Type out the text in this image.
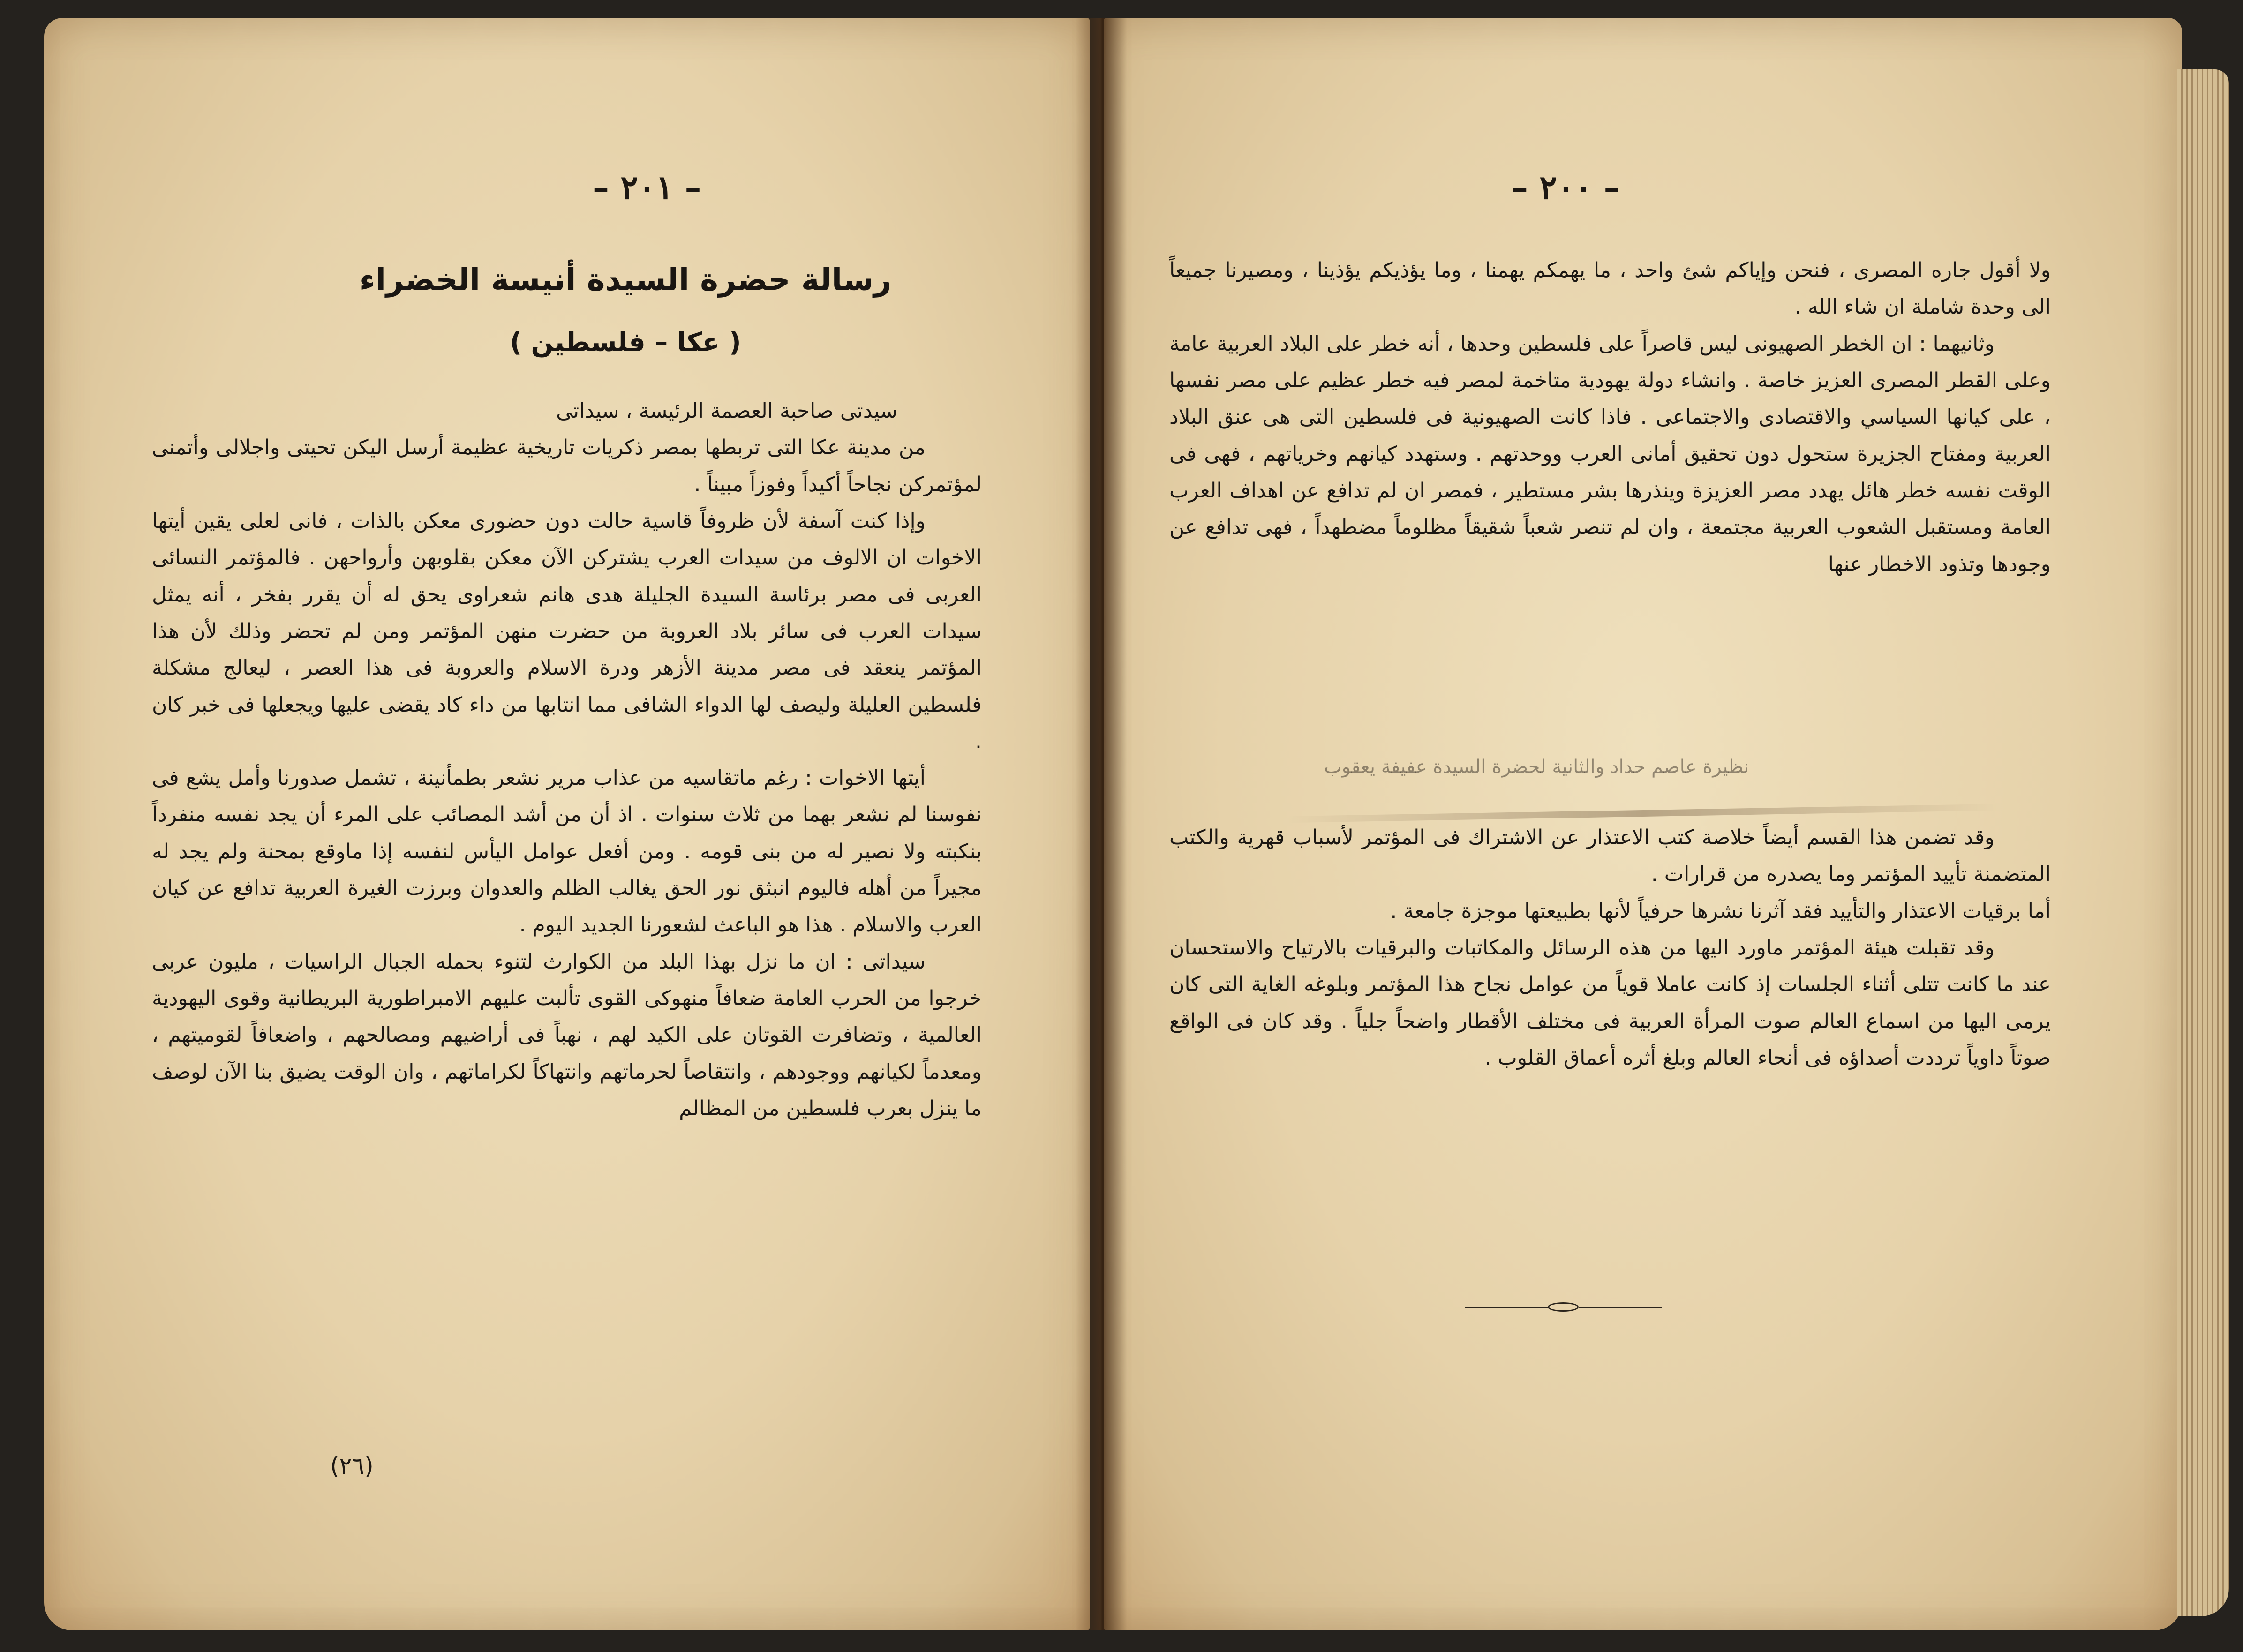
– ٢٠١ –
رسالة حضرة السيدة أنيسة الخضراء
( عكا – فلسطين )

سيدتى صاحبة العصمة الرئيسة ، سيداتى

من مدينة عكا التى تربطها بمصر ذكريات تاريخية عظيمة أرسل اليكن تحيتى واجلالى وأتمنى لمؤتمركن نجاحاً أكيداً وفوزاً مبيناً .

وإذا كنت آسفة لأن ظروفاً قاسية حالت دون حضورى معكن بالذات ، فانى لعلى يقين أيتها الاخوات ان الالوف من سيدات العرب يشتركن الآن معكن بقلوبهن وأرواحهن . فالمؤتمر النسائى العربى فى مصر برئاسة السيدة الجليلة هدى هانم شعراوى يحق له أن يقرر بفخر ، أنه يمثل سيدات العرب فى سائر بلاد العروبة من حضرت منهن المؤتمر ومن لم تحضر وذلك لأن هذا المؤتمر ينعقد فى مصر مدينة الأزهر ودرة الاسلام والعروبة فى هذا العصر ، ليعالج مشكلة فلسطين العليلة وليصف لها الدواء الشافى مما انتابها من داء كاد يقضى عليها ويجعلها فى خبر كان .

أيتها الاخوات : رغم ماتقاسيه من عذاب مرير نشعر بطمأنينة ، تشمل صدورنا وأمل يشع فى نفوسنا لم نشعر بهما من ثلاث سنوات . اذ أن من أشد المصائب على المرء أن يجد نفسه منفرداً بنكبته ولا نصير له من بنى قومه . ومن أفعل عوامل اليأس لنفسه إذا ماوقع بمحنة ولم يجد له مجيراً من أهله فاليوم انبثق نور الحق يغالب الظلم والعدوان وبرزت الغيرة العربية تدافع عن كيان العرب والاسلام . هذا هو الباعث لشعورنا الجديد اليوم .

سيداتى : ان ما نزل بهذا البلد من الكوارث لتنوء بحمله الجبال الراسيات ، مليون عربى خرجوا من الحرب العامة ضعافاً منهوكى القوى تألبت عليهم الامبراطورية البريطانية وقوى اليهودية العالمية ، وتضافرت القوتان على الكيد لهم ، نهباً فى أراضيهم ومصالحهم ، واضعافاً لقوميتهم ، ومعدماً لكيانهم ووجودهم ، وانتقاصاً لحرماتهم وانتهاكاً لكراماتهم ، وان الوقت يضيق بنا الآن لوصف ما ينزل بعرب فلسطين من المظالم

(٢٦)
– ٢٠٠ –

ولا أقول جاره المصرى ، فنحن وإياكم شئ واحد ، ما يهمكم يهمنا ، وما يؤذيكم يؤذينا ، ومصيرنا جميعاً الى وحدة شاملة ان شاء الله .

وثانيهما : ان الخطر الصهيونى ليس قاصراً على فلسطين وحدها ، أنه خطر على البلاد العربية عامة وعلى القطر المصرى العزيز خاصة . وانشاء دولة يهودية متاخمة لمصر فيه خطر عظيم على مصر نفسها ، على كيانها السياسي والاقتصادى والاجتماعى . فاذا كانت الصهيونية فى فلسطين التى هى عنق البلاد العربية ومفتاح الجزيرة ستحول دون تحقيق أمانى العرب ووحدتهم . وستهدد كيانهم وخرياتهم ، فهى فى الوقت نفسه خطر هائل يهدد مصر العزيزة وينذرها بشر مستطير ، فمصر ان لم تدافع عن اهداف العرب العامة ومستقبل الشعوب العربية مجتمعة ، وان لم تنصر شعباً شقيقاً مظلوماً مضطهداً ، فهى تدافع عن وجودها وتذود الاخطار عنها

نظيرة عاصم حداد والثانية لحضرة السيدة عفيفة يعقوب

وقد تضمن هذا القسم أيضاً خلاصة كتب الاعتذار عن الاشتراك فى المؤتمر لأسباب قهرية والكتب المتضمنة تأييد المؤتمر وما يصدره من قرارات .

أما برقيات الاعتذار والتأييد فقد آثرنا نشرها حرفياً لأنها بطبيعتها موجزة جامعة .

وقد تقبلت هيئة المؤتمر ماورد اليها من هذه الرسائل والمكاتبات والبرقيات بالارتياح والاستحسان عند ما كانت تتلى أثناء الجلسات إذ كانت عاملا قوياً من عوامل نجاح هذا المؤتمر وبلوغه الغاية التى كان يرمى اليها من اسماع العالم صوت المرأة العربية فى مختلف الأقطار واضحاً جلياً . وقد كان فى الواقع صوتاً داوياً ترددت أصداؤه فى أنحاء العالم وبلغ أثره أعماق القلوب .
